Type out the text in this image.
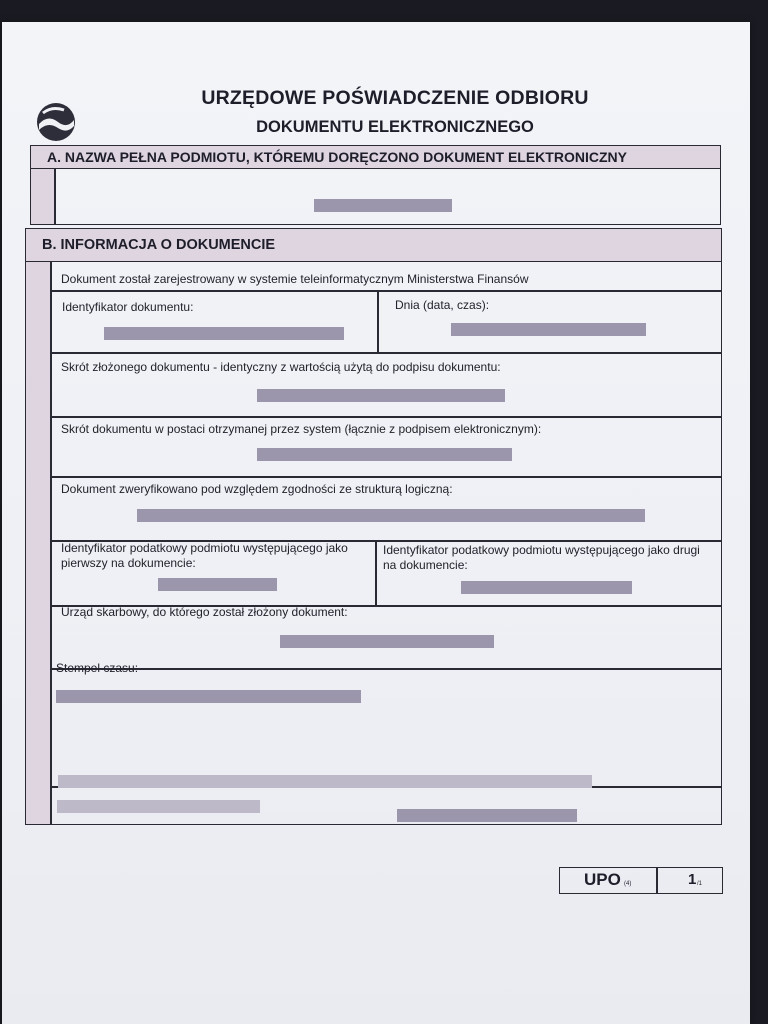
URZĘDOWE POŚWIADCZENIE ODBIORU
DOKUMENTU ELEKTRONICZNEGO
A. NAZWA PEŁNA PODMIOTU, KTÓREMU DORĘCZONO DOKUMENT ELEKTRONICZNY
B. INFORMACJA O DOKUMENCIE
Dokument został zarejestrowany w systemie teleinformatycznym Ministerstwa Finansów
Identyfikator dokumentu:	Dnia (data, czas):
Skrót złożonego dokumentu - identyczny z wartością użytą do podpisu dokumentu:
Skrót dokumentu w postaci otrzymanej przez system (łącznie z podpisem elektronicznym):
Dokument zweryfikowano pod względem zgodności ze strukturą logiczną:
Identyfikator podatkowy podmiotu występującego jako pierwszy na dokumencie:
Identyfikator podatkowy podmiotu występującego jako drugi na dokumencie:
Urząd skarbowy, do którego został złożony dokument:
Stempel czasu:
UPO (4)	1 /1
